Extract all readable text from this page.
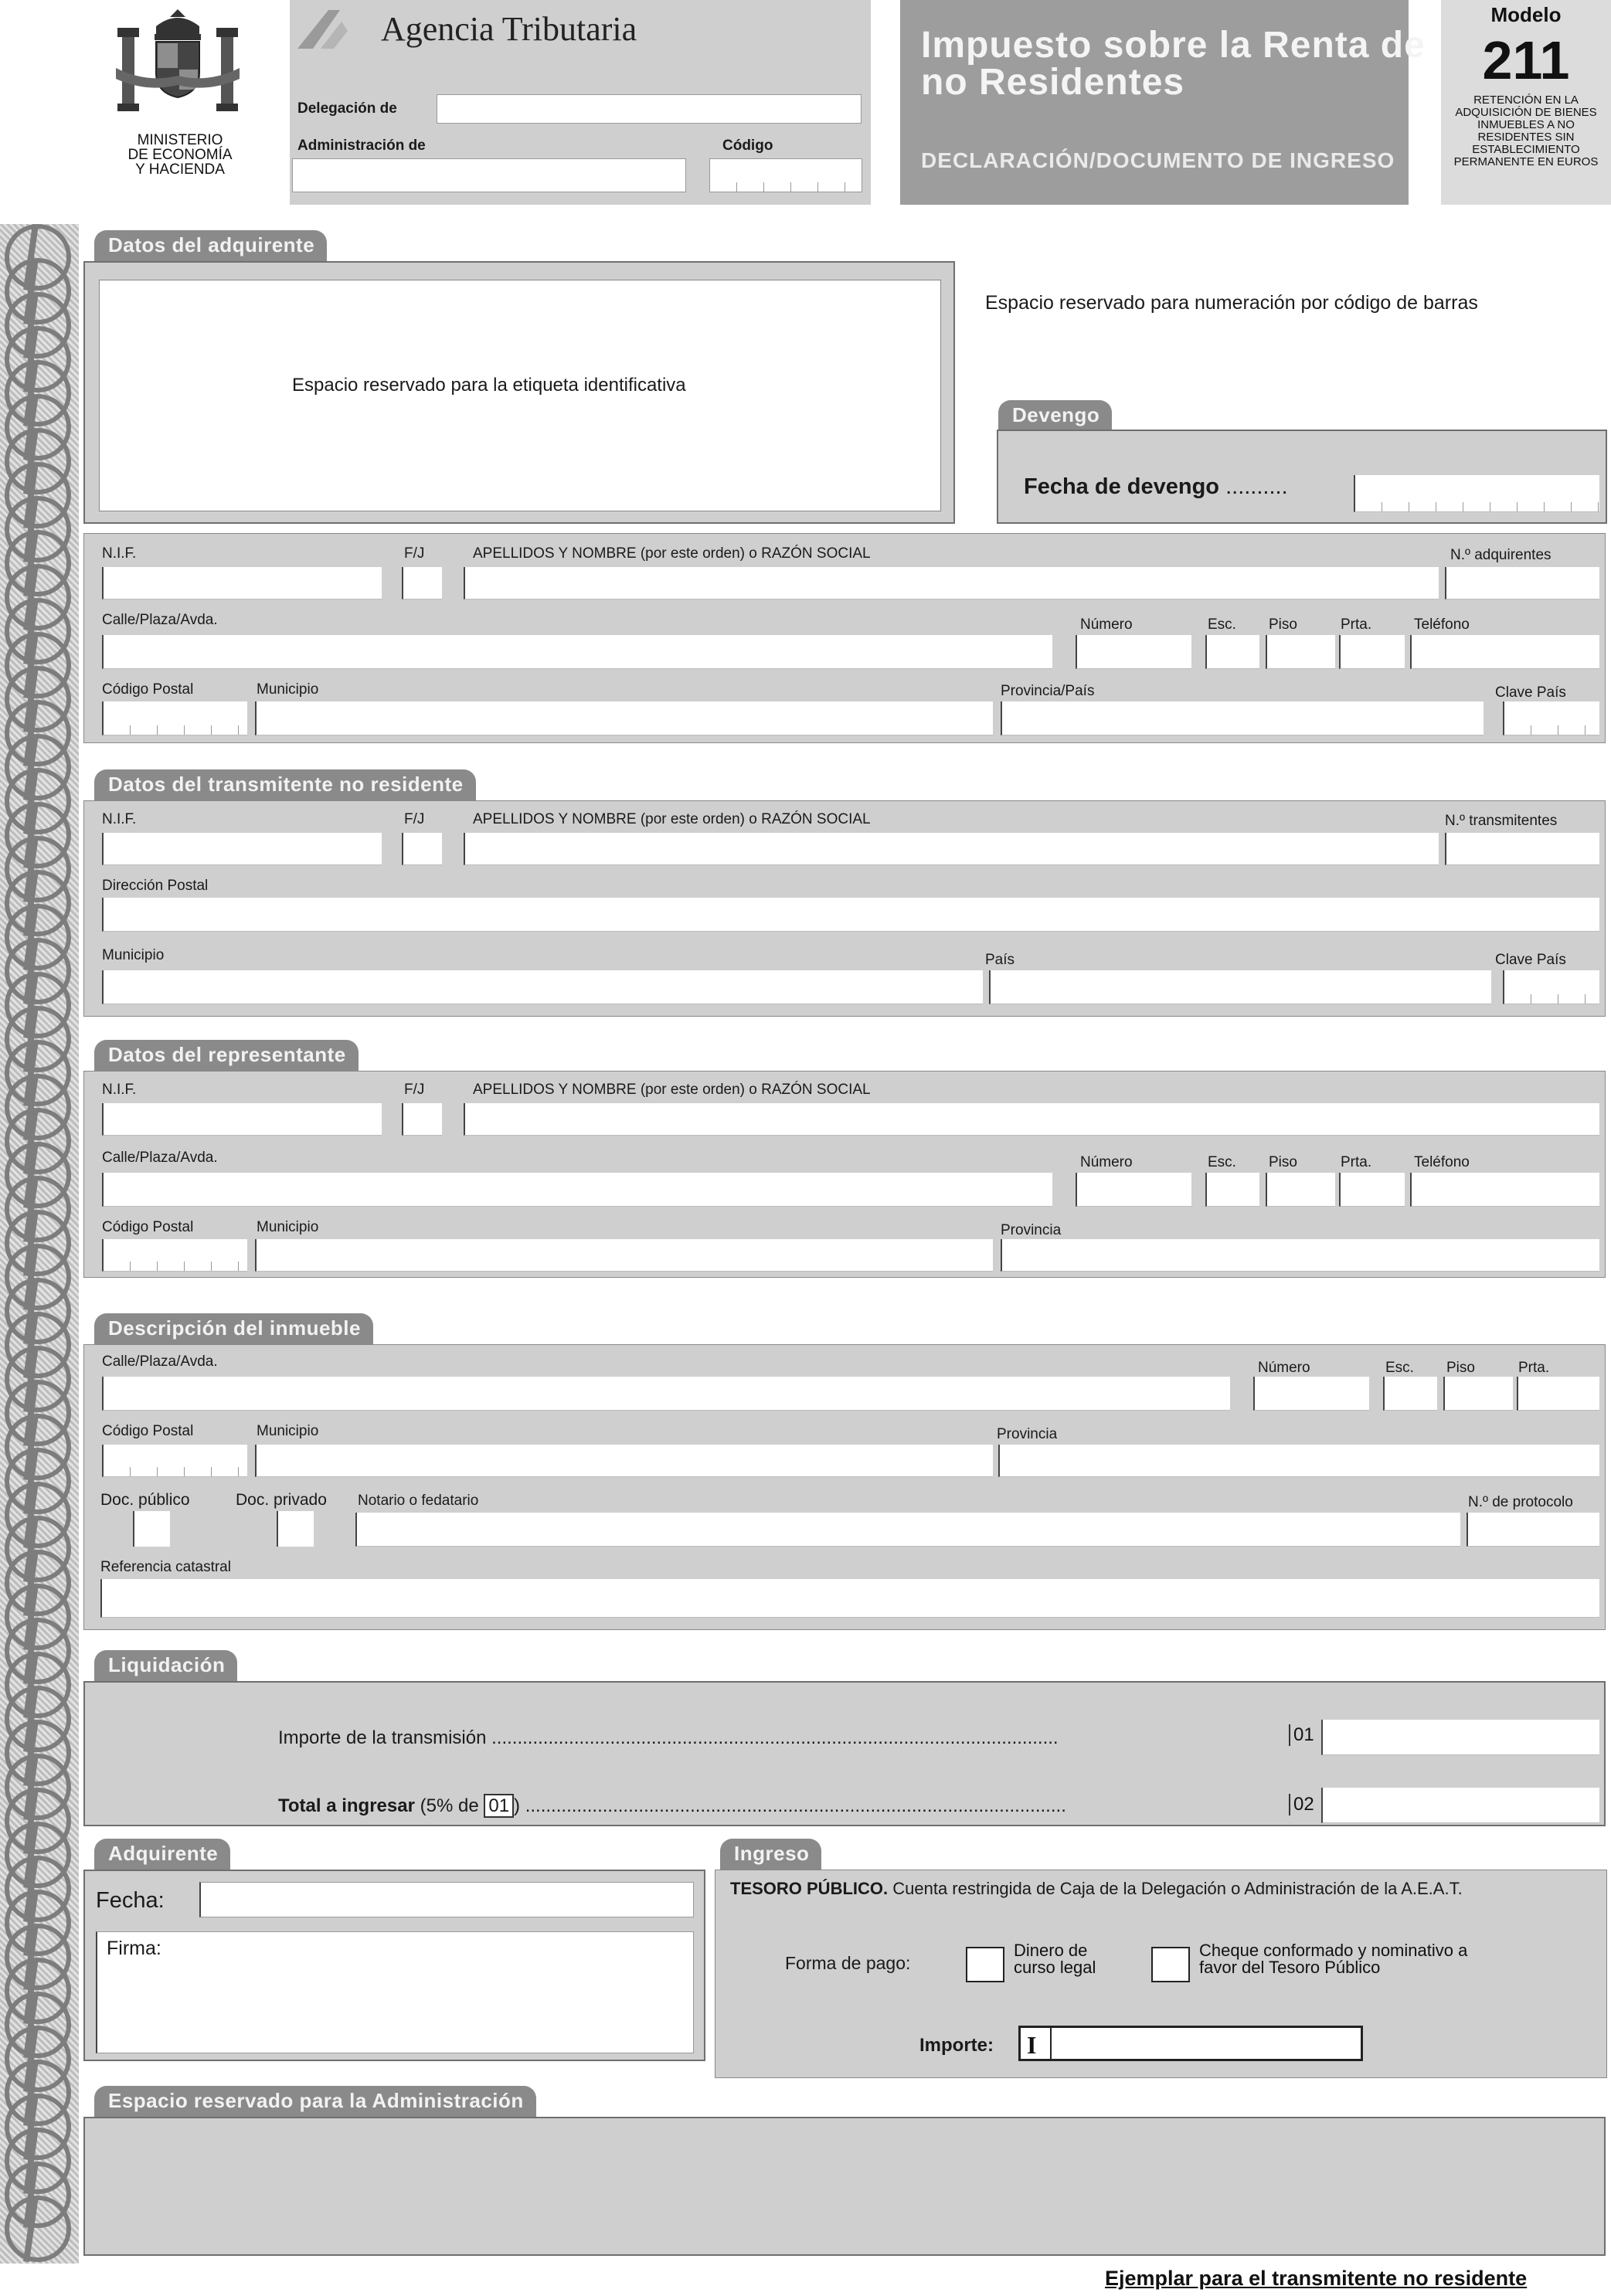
MINISTERIO
DE ECONOMÍA
Y HACIENDA
Agencia Tributaria
Delegación de
Administración de	Código
Impuesto sobre la Renta de
no Residentes
DECLARACIÓN/DOCUMENTO DE INGRESO
Modelo
211
RETENCIÓN EN LA
ADQUISICIÓN DE BIENES
INMUEBLES A NO
RESIDENTES SIN
ESTABLECIMIENTO
PERMANENTE EN EUROS
Datos del adquirente
Espacio reservado para la etiqueta identificativa
Espacio reservado para numeración por código de barras
Devengo
Fecha de devengo ..........
N.I.F.	F/J	APELLIDOS Y NOMBRE (por este orden) o RAZÓN SOCIAL	N.º adquirentes
Calle/Plaza/Avda.	Número	Esc. Piso	Prta.	Teléfono
Código Postal	Municipio	Provincia/País	Clave País
Datos del transmitente no residente
N.I.F.	F/J	APELLIDOS Y NOMBRE (por este orden) o RAZÓN SOCIAL	N.º transmitentes
Dirección Postal
Municipio	País	Clave País
Datos del representante
N.I.F.	F/J	APELLIDOS Y NOMBRE (por este orden) o RAZÓN SOCIAL
Calle/Plaza/Avda.	Número	Esc. Piso	Prta.	Teléfono
Código Postal	Municipio	Provincia
Descripción del inmueble
Calle/Plaza/Avda.	Número	Esc. Piso	Prta.
Código Postal	Municipio	Provincia
Doc. público	Doc. privado Notario o fedatario	N.º de protocolo
Referencia catastral
Liquidación
Importe de la transmisión ..............................................................................................................	01
Total a ingresar (5% de 01 ) .........................................................................................................	02
Adquirente
Fecha:
Firma:
Ingreso
TESORO PÚBLICO. Cuenta restringida de Caja de la Delegación o Administración de la A.E.A.T.
Forma de pago:
Dinero de
curso legal
Cheque conformado y nominativo a
favor del Tesoro Público
Importe: I
Espacio reservado para la Administración
Ejemplar para el transmitente no residente
